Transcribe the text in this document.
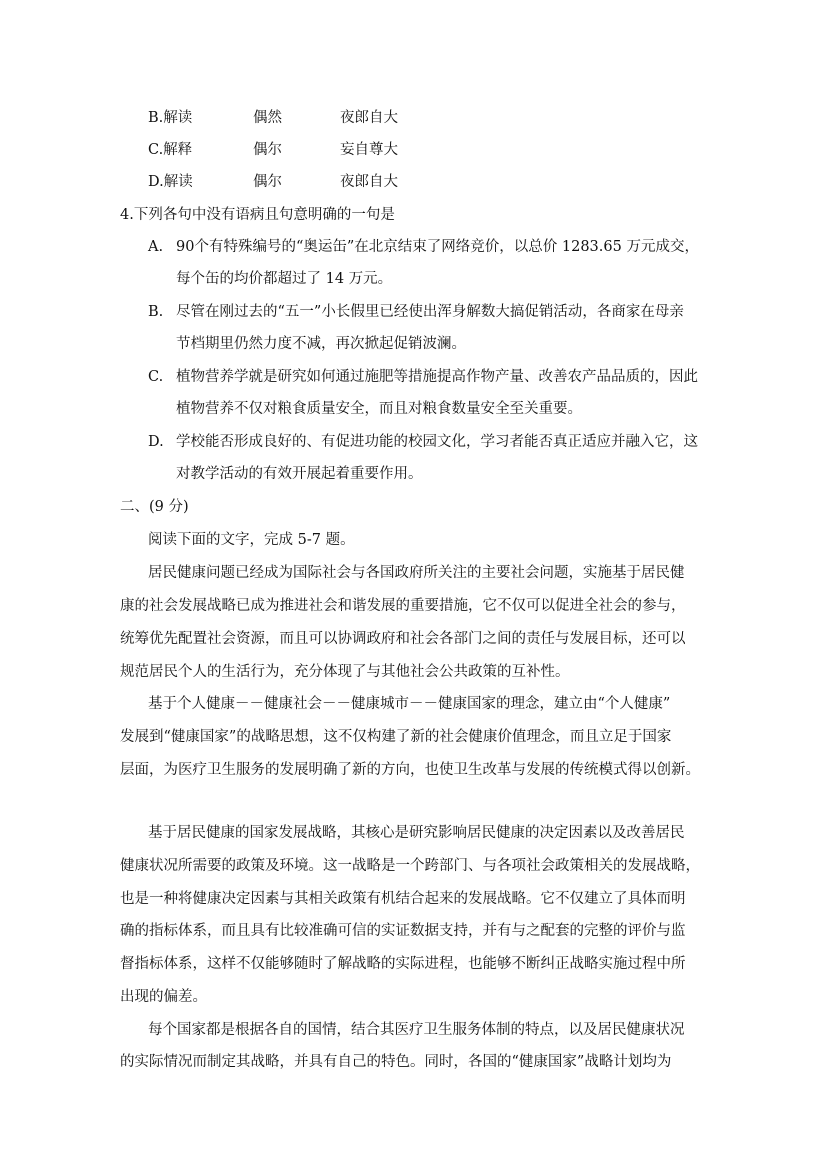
B.解读	偶然	夜郎自大
C.解释	偶尔	妄自尊大
D.解读	偶尔	夜郎自大
4.下列各句中没有语病且句意明确的一句是
A. 90个有特殊编号的“奥运缶”在北京结束了网络竞价，以总价 1283.65 万元成交，
每个缶的均价都超过了 14 万元。
B. 尽管在刚过去的“五一”小长假里已经使出浑身解数大搞促销活动，各商家在母亲
节档期里仍然力度不减，再次掀起促销波澜。
C. 植物营养学就是研究如何通过施肥等措施提高作物产量、改善农产品品质的，因此
植物营养不仅对粮食质量安全，而且对粮食数量安全至关重要。
D. 学校能否形成良好的、有促进功能的校园文化，学习者能否真正适应并融入它，这
对教学活动的有效开展起着重要作用。
二、(9 分)
阅读下面的文字，完成 5-7 题。
居民健康问题已经成为国际社会与各国政府所关注的主要社会问题，实施基于居民健
康的社会发展战略已成为推进社会和谐发展的重要措施，它不仅可以促进全社会的参与，
统筹优先配置社会资源，而且可以协调政府和社会各部门之间的责任与发展目标，还可以
规范居民个人的生活行为，充分体现了与其他社会公共政策的互补性。
基于个人健康－－健康社会－－健康城市－－健康国家的理念，建立由“个人健康”
发展到“健康国家”的战略思想，这不仅构建了新的社会健康价值理念，而且立足于国家
层面，为医疗卫生服务的发展明确了新的方向，也使卫生改革与发展的传统模式得以创新。
基于居民健康的国家发展战略，其核心是研究影响居民健康的决定因素以及改善居民
健康状况所需要的政策及环境。这一战略是一个跨部门、与各项社会政策相关的发展战略，
也是一种将健康决定因素与其相关政策有机结合起来的发展战略。它不仅建立了具体而明
确的指标体系，而且具有比较准确可信的实证数据支持，并有与之配套的完整的评价与监
督指标体系，这样不仅能够随时了解战略的实际进程，也能够不断纠正战略实施过程中所
出现的偏差。
每个国家都是根据各自的国情，结合其医疗卫生服务体制的特点，以及居民健康状况
的实际情况而制定其战略，并具有自己的特色。同时，各国的“健康国家”战略计划均为
